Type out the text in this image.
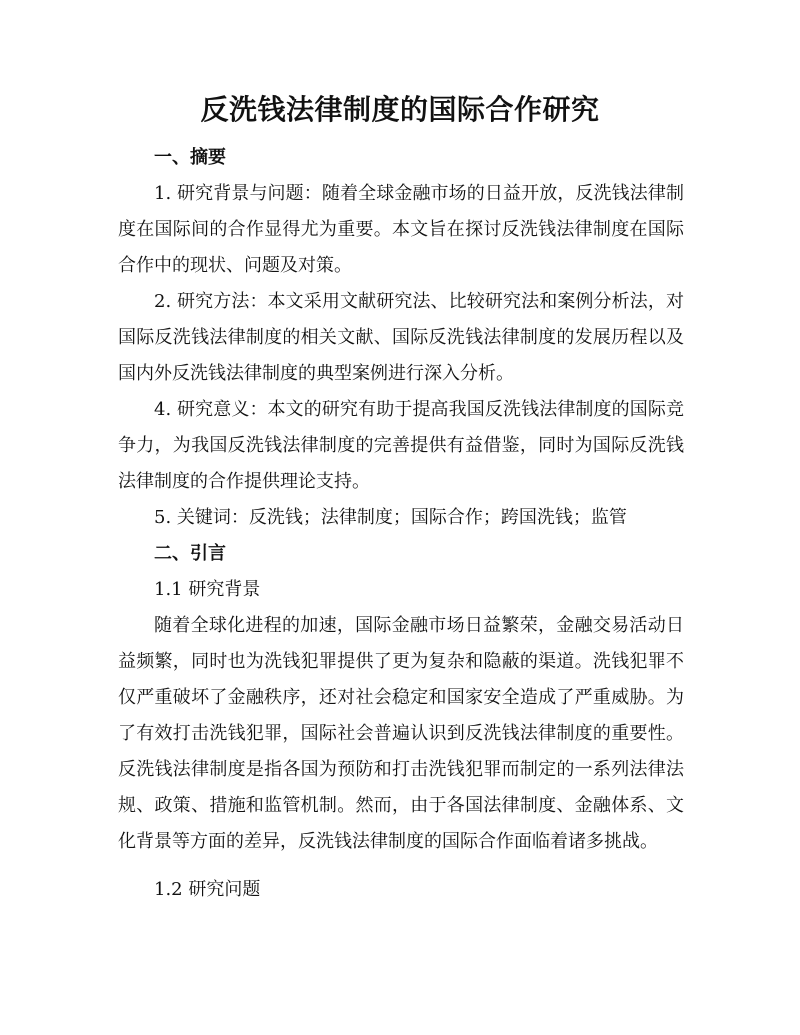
反洗钱法律制度的国际合作研究

一、摘要

1. 研究背景与问题：随着全球金融市场的日益开放，反洗钱法律制度在国际间的合作显得尤为重要。本文旨在探讨反洗钱法律制度在国际合作中的现状、问题及对策。

2. 研究方法：本文采用文献研究法、比较研究法和案例分析法，对国际反洗钱法律制度的相关文献、国际反洗钱法律制度的发展历程以及国内外反洗钱法律制度的典型案例进行深入分析。

4. 研究意义：本文的研究有助于提高我国反洗钱法律制度的国际竞争力，为我国反洗钱法律制度的完善提供有益借鉴，同时为国际反洗钱法律制度的合作提供理论支持。

5. 关键词：反洗钱；法律制度；国际合作；跨国洗钱；监管

二、引言

1.1 研究背景

随着全球化进程的加速，国际金融市场日益繁荣，金融交易活动日益频繁，同时也为洗钱犯罪提供了更为复杂和隐蔽的渠道。洗钱犯罪不仅严重破坏了金融秩序，还对社会稳定和国家安全造成了严重威胁。为了有效打击洗钱犯罪，国际社会普遍认识到反洗钱法律制度的重要性。反洗钱法律制度是指各国为预防和打击洗钱犯罪而制定的一系列法律法规、政策、措施和监管机制。然而，由于各国法律制度、金融体系、文化背景等方面的差异，反洗钱法律制度的国际合作面临着诸多挑战。

1.2 研究问题
